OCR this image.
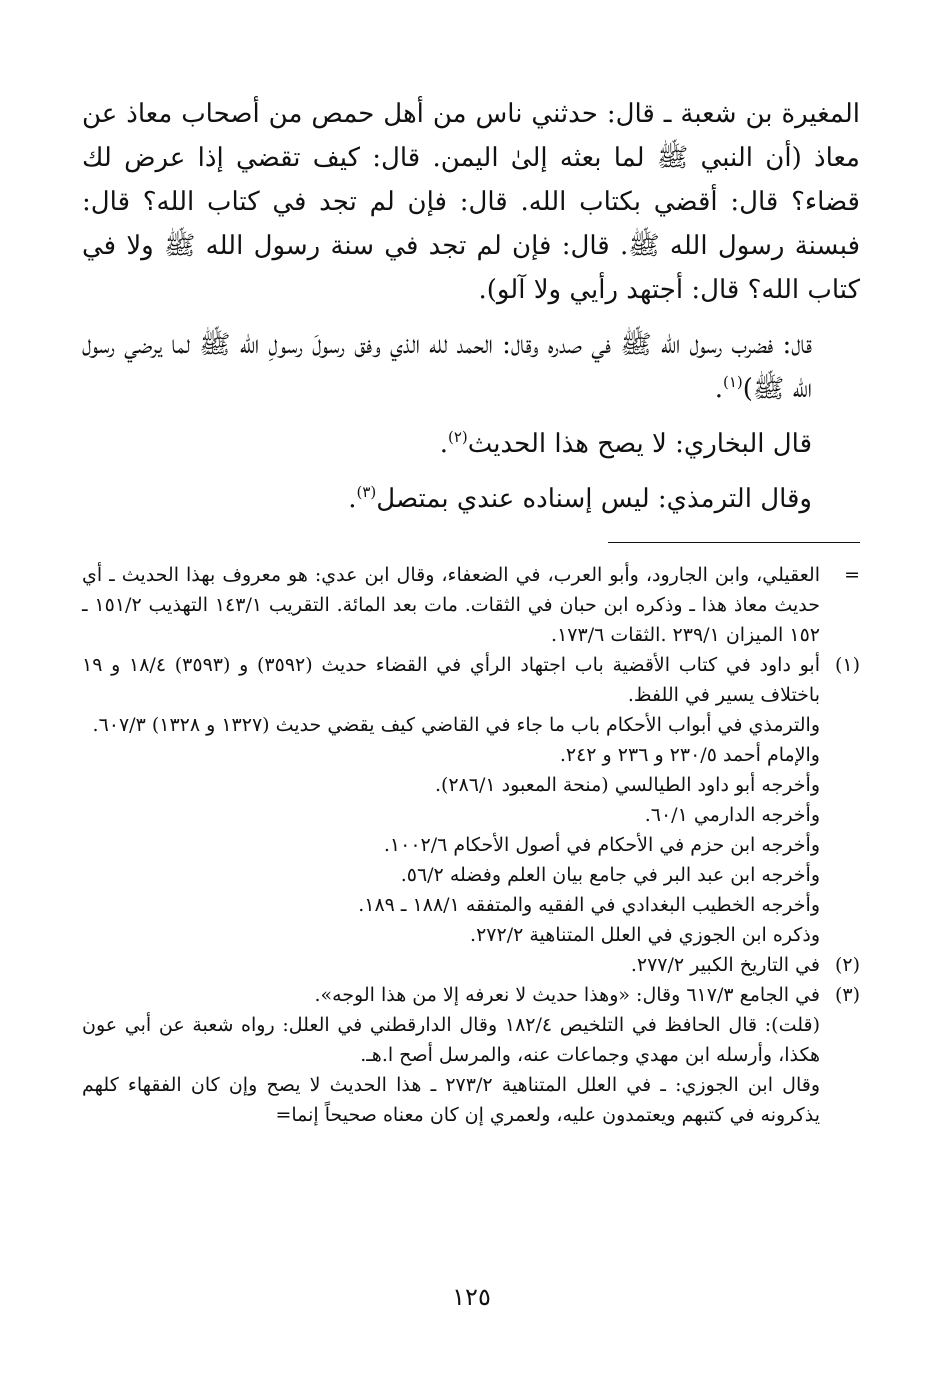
المغيرة بن شعبة ـ قال: حدثني ناس من أهل حمص من أصحاب معاذ عن معاذ (أن النبي ﷺ لما بعثه إلىٰ اليمن. قال: كيف تقضي إذا عرض لك قضاء؟ قال: أقضي بكتاب الله. قال: فإن لم تجد في كتاب الله؟ قال: فبسنة رسول الله ﷺ. قال: فإن لم تجد في سنة رسول الله ﷺ ولا في كتاب الله؟ قال: أجتهد رأيي ولا آلو).

قال: فضرب رسول الله ﷺ في صدره وقال: الحمد لله الذي وفق رسولَ رسولِ الله ﷺ لما يرضي رسول الله ﷺ)$^{(١)}$.

قال البخاري: لا يصح هذا الحديث$^{(٢)}$.

وقال الترمذي: ليس إسناده عندي بمتصل$^{(٣)}$.

=
العقيلي، وابن الجارود، وأبو العرب، في الضعفاء، وقال ابن عدي: هو معروف بهذا الحديث ـ أي حديث معاذ هذا ـ وذكره ابن حبان في الثقات. مات بعد المائة. التقريب ١٤٣/١ التهذيب ١٥١/٢ ـ ١٥٢ الميزان ٢٣٩/١ .الثقات ١٧٣/٦.
(١)
أبو داود في كتاب الأقضية باب اجتهاد الرأي في القضاء حديث (٣٥٩٢) و (٣٥٩٣) ١٨/٤ و ١٩ باختلاف يسير في اللفظ.
والترمذي في أبواب الأحكام باب ما جاء في القاضي كيف يقضي حديث (١٣٢٧ و ١٣٢٨) ٦٠٧/٣.
والإمام أحمد ٢٣٠/٥ و ٢٣٦ و ٢٤٢.
وأخرجه أبو داود الطيالسي (منحة المعبود ٢٨٦/١).
وأخرجه الدارمي ٦٠/١.
وأخرجه ابن حزم في الأحكام في أصول الأحكام ١٠٠٢/٦.
وأخرجه ابن عبد البر في جامع بيان العلم وفضله ٥٦/٢.
وأخرجه الخطيب البغدادي في الفقيه والمتفقه ١٨٨/١ ـ ١٨٩.
وذكره ابن الجوزي في العلل المتناهية ٢٧٢/٢.
(٢)
في التاريخ الكبير ٢٧٧/٢.
(٣)
في الجامع ٦١٧/٣ وقال: «وهذا حديث لا نعرفه إلا من هذا الوجه».
(قلت): قال الحافظ في التلخيص ١٨٢/٤ وقال الدارقطني في العلل: رواه شعبة عن أبي عون هكذا، وأرسله ابن مهدي وجماعات عنه، والمرسل أصح ا.هـ.
وقال ابن الجوزي: ـ في العلل المتناهية ٢٧٣/٢ ـ هذا الحديث لا يصح وإن كان الفقهاء كلهم يذكرونه في كتبهم ويعتمدون عليه، ولعمري إن كان معناه صحيحاً إنما=
١٢٥
